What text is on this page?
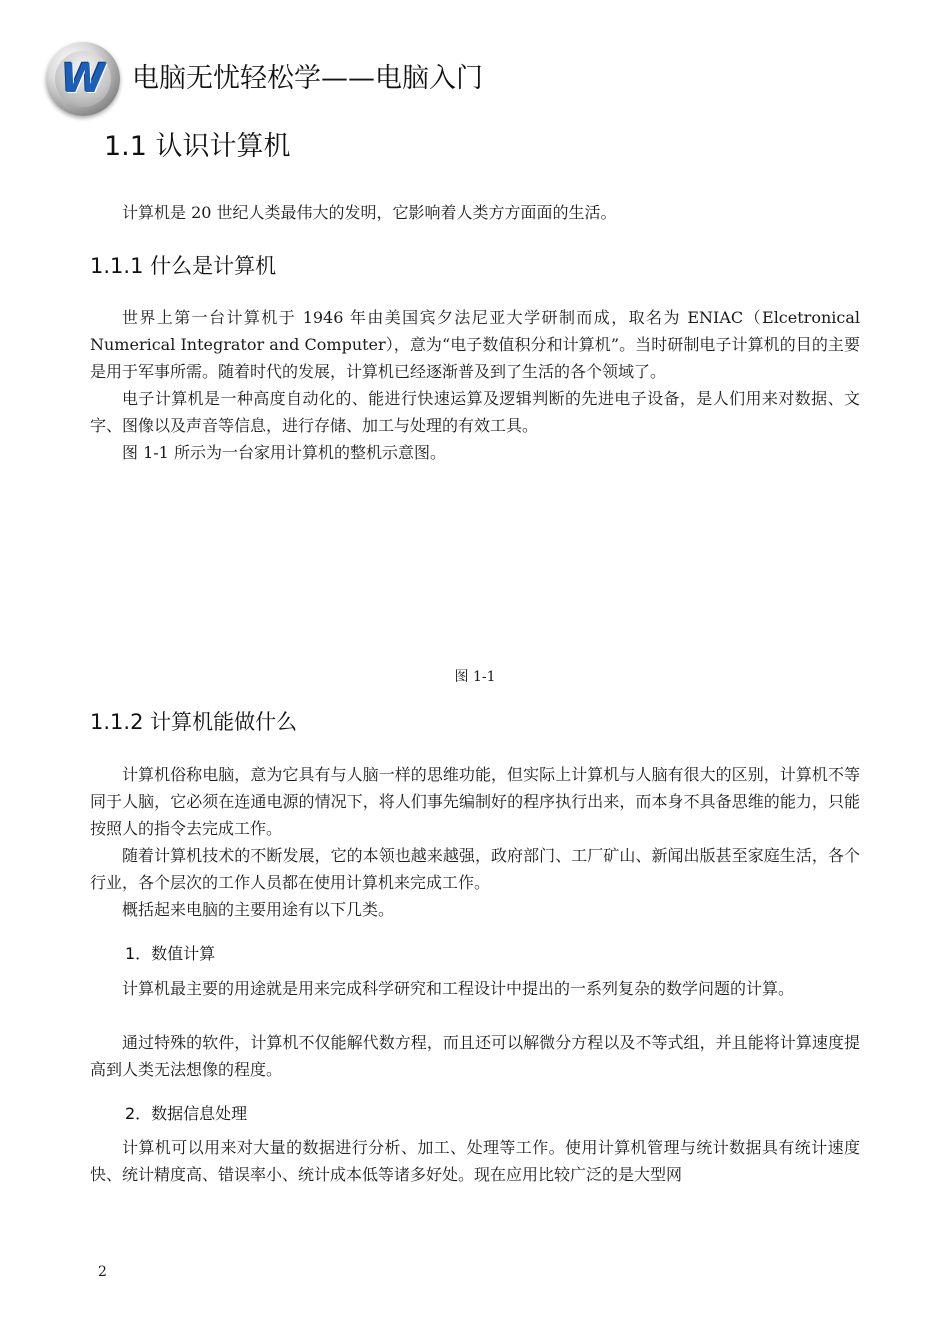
W 电脑无忧轻松学——电脑入门
1.1 认识计算机

计算机是 20 世纪人类最伟大的发明，它影响着人类方方面面的生活。

1.1.1 什么是计算机

世界上第一台计算机于 1946 年由美国宾夕法尼亚大学研制而成，取名为 ENIAC（Elcetronical Numerical Integrator and Computer），意为“电子数值积分和计算机”。当时研制电子计算机的目的主要是用于军事所需。随着时代的发展，计算机已经逐渐普及到了生活的各个领域了。

电子计算机是一种高度自动化的、能进行快速运算及逻辑判断的先进电子设备，是人们用来对数据、文字、图像以及声音等信息，进行存储、加工与处理的有效工具。

图 1-1 所示为一台家用计算机的整机示意图。

图 1-1
1.1.2 计算机能做什么

计算机俗称电脑，意为它具有与人脑一样的思维功能，但实际上计算机与人脑有很大的区别，计算机不等同于人脑，它必须在连通电源的情况下，将人们事先编制好的程序执行出来，而本身不具备思维的能力，只能按照人的指令去完成工作。

随着计算机技术的不断发展，它的本领也越来越强，政府部门、工厂矿山、新闻出版甚至家庭生活，各个行业，各个层次的工作人员都在使用计算机来完成工作。

概括起来电脑的主要用途有以下几类。

1．数值计算

计算机最主要的用途就是用来完成科学研究和工程设计中提出的一系列复杂的数学问题的计算。

通过特殊的软件，计算机不仅能解代数方程，而且还可以解微分方程以及不等式组，并且能将计算速度提高到人类无法想像的程度。

2．数据信息处理

计算机可以用来对大量的数据进行分析、加工、处理等工作。使用计算机管理与统计数据具有统计速度快、统计精度高、错误率小、统计成本低等诸多好处。现在应用比较广泛的是大型网

2
